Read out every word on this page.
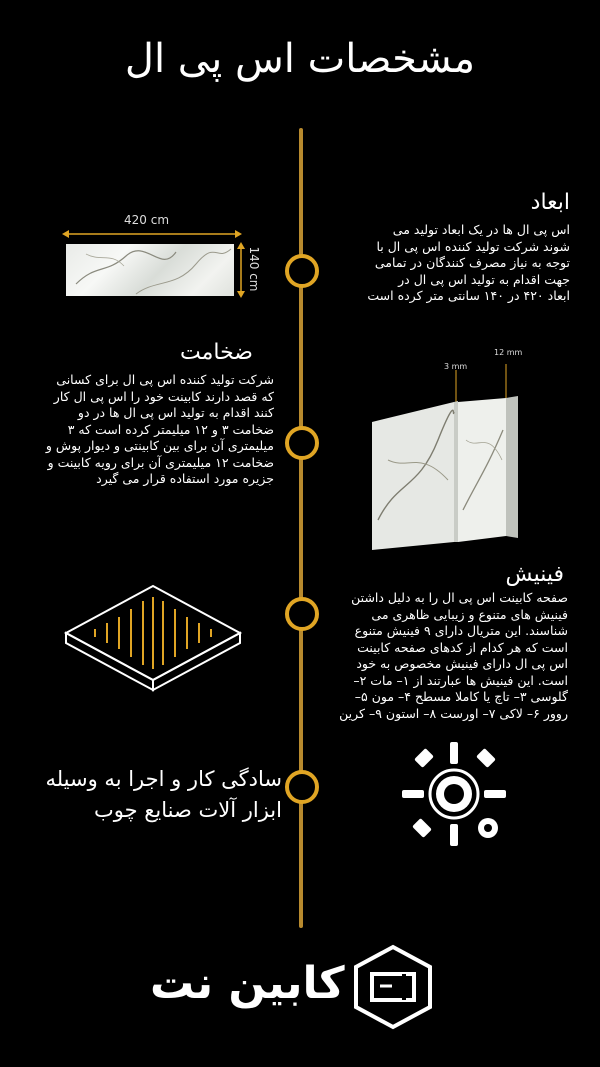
مشخصات اس پی ال
ابعاد
اس پی ال ها در یک ابعاد تولید می
شوند شرکت تولید کننده اس پی ال با
توجه به نیاز مصرف کنندگان در تمامی
جهت اقدام به تولید اس پی ال در
ابعاد ۴۲۰ در ۱۴۰ سانتی متر کرده است
420 cm
140 cm
ضخامت
شرکت تولید کننده اس پی ال برای کسانی
که قصد دارند کابینت خود را اس پی ال کار
کنند اقدام به تولید اس پی ال ها در دو
ضخامت ۳ و ۱۲ میلیمتر کرده است که ۳
میلیمتری آن برای بین کابینتی و دیوار پوش و
ضخامت ۱۲ میلیمتری آن برای رویه کابینت و
جزیره مورد استفاده قرار می گیرد
3 mm
12 mm
فینیش
صفحه کابینت اس پی ال را به دلیل داشتن
فینیش های متنوع و زیبایی ظاهری می
شناسند. این متریال دارای ۹ فینیش متنوع
است که هر کدام از کدهای صفحه کابینت
اس پی ال دارای فینیش مخصوص به خود
است. این فینیش ها عبارتند از ۱– مات ۲–
گلوسی ۳– تاچ یا کاملا مسطح ۴– مون ۵–
روور ۶– لاکی ۷– اورست ۸– استون ۹– کرین
سادگی کار و اجرا به وسیله
ابزار آلات صنایع چوب
کابین نت
